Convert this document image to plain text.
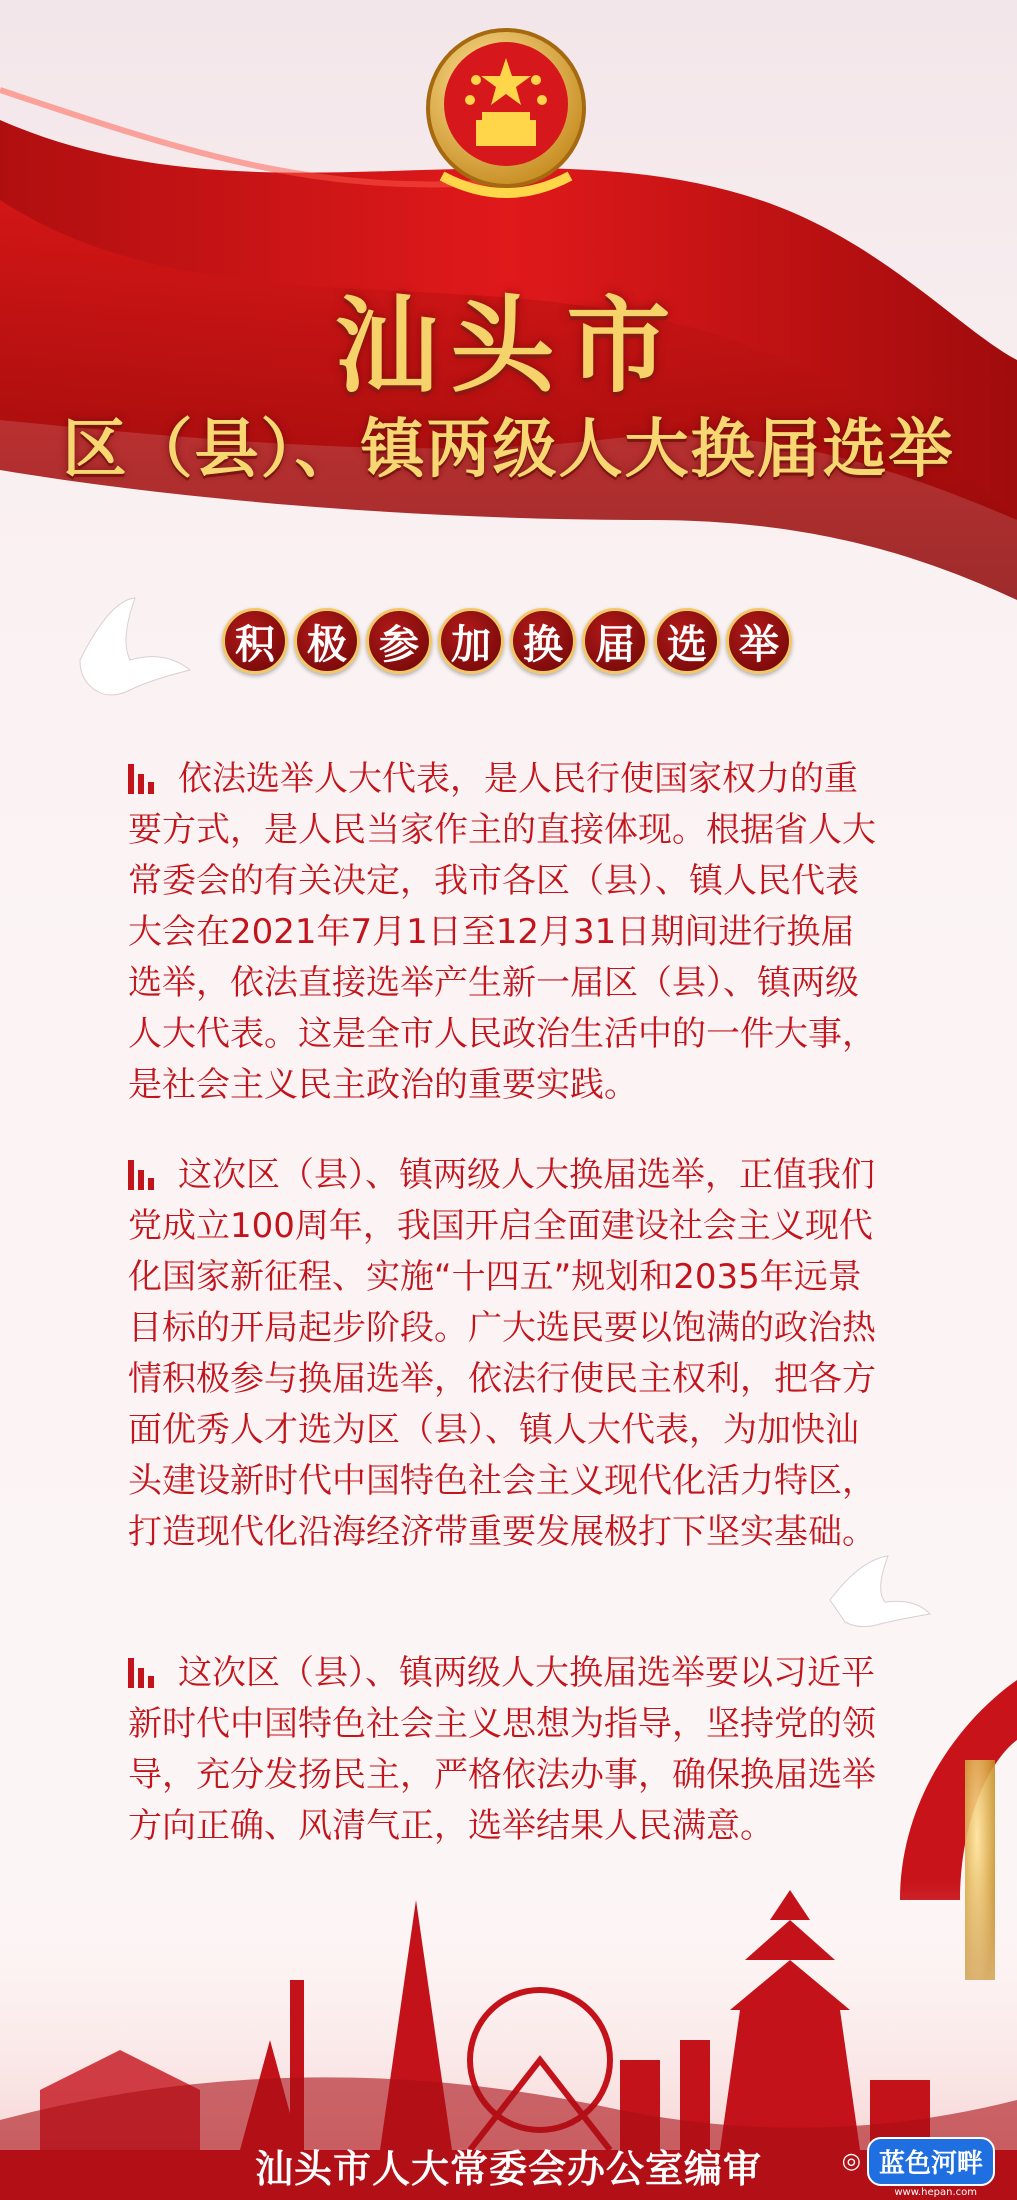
汕头市
区（县）、镇两级人大换届选举
积 极 参 加 换 届 选 举
依法选举人大代表，是人民行使国家权力的重要方式，是人民当家作主的直接体现。根据省人大常委会的有关决定，我市各区（县）、镇人民代表大会在2021年7月1日至12月31日期间进行换届选举，依法直接选举产生新一届区（县）、镇两级人大代表。这是全市人民政治生活中的一件大事，是社会主义民主政治的重要实践。
这次区（县）、镇两级人大换届选举，正值我们党成立100周年，我国开启全面建设社会主义现代化国家新征程、实施“十四五”规划和2035年远景目标的开局起步阶段。广大选民要以饱满的政治热情积极参与换届选举，依法行使民主权利，把各方面优秀人才选为区（县）、镇人大代表，为加快汕头建设新时代中国特色社会主义现代化活力特区，打造现代化沿海经济带重要发展极打下坚实基础。
这次区（县）、镇两级人大换届选举要以习近平新时代中国特色社会主义思想为指导，坚持党的领导，充分发扬民主，严格依法办事，确保换届选举方向正确、风清气正，选举结果人民满意。
汕头市人大常委会办公室编审	◎ 蓝色河畔
www.hepan.com
